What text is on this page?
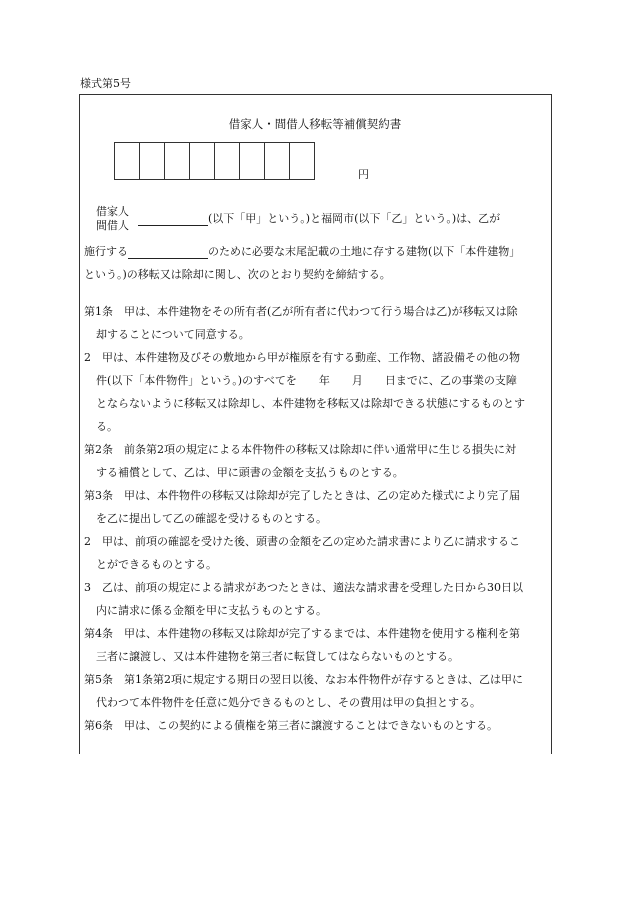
様式第5号
借家人・間借人移転等補償契約書
円
借家人
間借人
(以下「甲」という。)と福岡市(以下「乙」という。)は、乙が
施行する	のために必要な末尾記載の土地に存する建物(以下「本件建物」
という。)の移転又は除却に関し、次のとおり契約を締結する。
第1条　甲は、本件建物をその所有者(乙が所有者に代わつて行う場合は乙)が移転又は除
却することについて同意する。
2　甲は、本件建物及びその敷地から甲が権原を有する動産、工作物、諸設備その他の物
件(以下「本件物件」という。)のすべてを　　年　　月　　日までに、乙の事業の支障
とならないように移転又は除却し、本件建物を移転又は除却できる状態にするものとす
る。
第2条　前条第2項の規定による本件物件の移転又は除却に伴い通常甲に生じる損失に対
する補償として、乙は、甲に頭書の金額を支払うものとする。
第3条　甲は、本件物件の移転又は除却が完了したときは、乙の定めた様式により完了届
を乙に提出して乙の確認を受けるものとする。
2　甲は、前項の確認を受けた後、頭書の金額を乙の定めた請求書により乙に請求するこ
とができるものとする。
3　乙は、前項の規定による請求があつたときは、適法な請求書を受理した日から30日以
内に請求に係る金額を甲に支払うものとする。
第4条　甲は、本件建物の移転又は除却が完了するまでは、本件建物を使用する権利を第
三者に譲渡し、又は本件建物を第三者に転貸してはならないものとする。
第5条　第1条第2項に規定する期日の翌日以後、なお本件物件が存するときは、乙は甲に
代わつて本件物件を任意に処分できるものとし、その費用は甲の負担とする。
第6条　甲は、この契約による債権を第三者に譲渡することはできないものとする。
